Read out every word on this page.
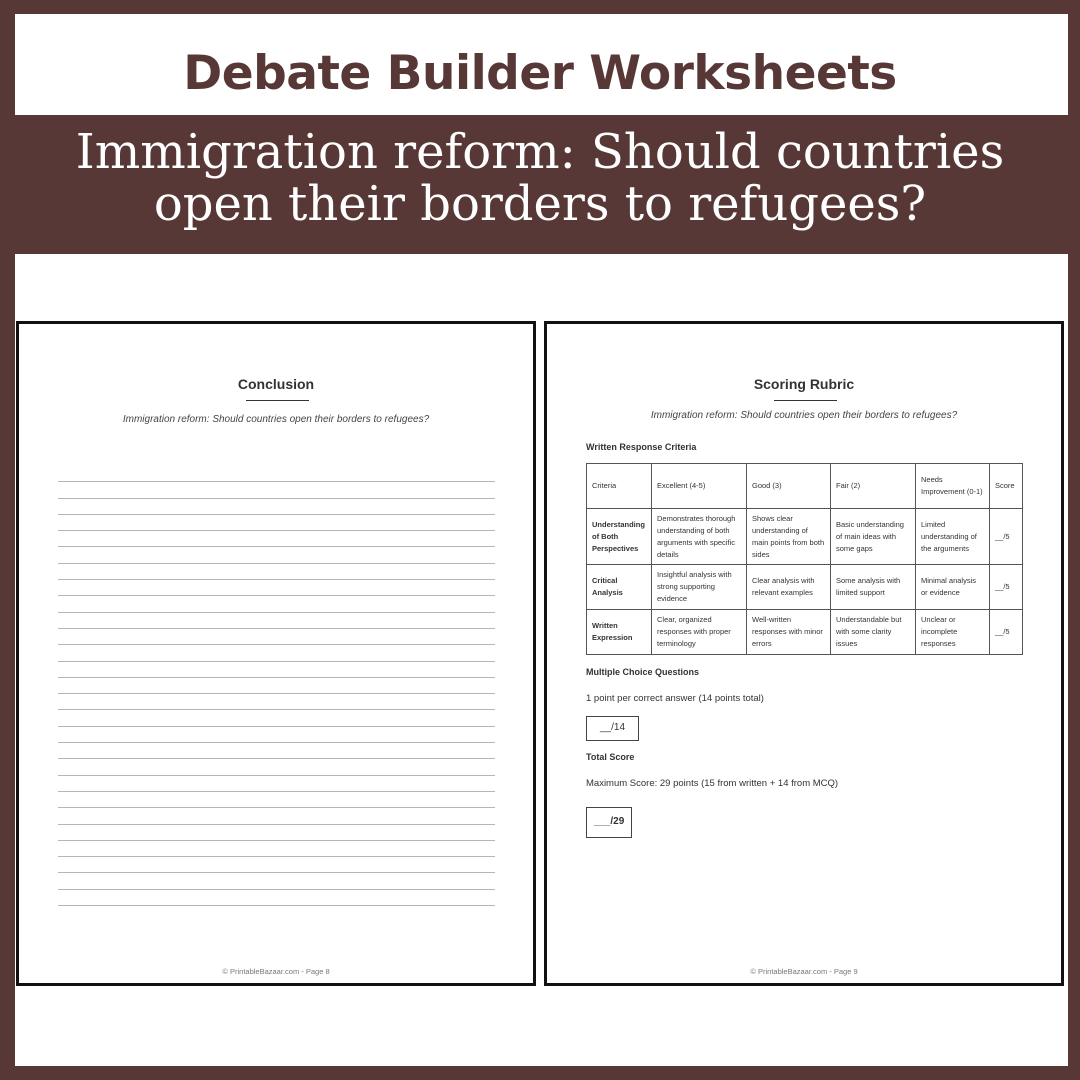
Debate Builder Worksheets
Immigration reform: Should countries
open their borders to refugees?
Conclusion
Immigration reform: Should countries open their borders to refugees?
© PrintableBazaar.com - Page 8
Scoring Rubric
Immigration reform: Should countries open their borders to refugees?
Written Response Criteria
Criteria	Excellent (4-5)	Good (3)	Fair (2)	Needs Improvement (0-1)	Score
Understanding of Both Perspectives	Demonstrates thorough understanding of both arguments with specific details	Shows clear understanding of main points from both sides	Basic understanding of main ideas with some gaps	Limited understanding of the arguments	__/5
Critical Analysis	Insightful analysis with strong supporting evidence	Clear analysis with relevant examples	Some analysis with limited support	Minimal analysis or evidence	__/5
Written Expression	Clear, organized responses with proper terminology	Well-written responses with minor errors	Understandable but with some clarity issues	Unclear or incomplete responses	__/5
Multiple Choice Questions
1 point per correct answer (14 points total)
__/14
Total Score
Maximum Score: 29 points (15 from written + 14 from MCQ)
___/29
© PrintableBazaar.com - Page 9
